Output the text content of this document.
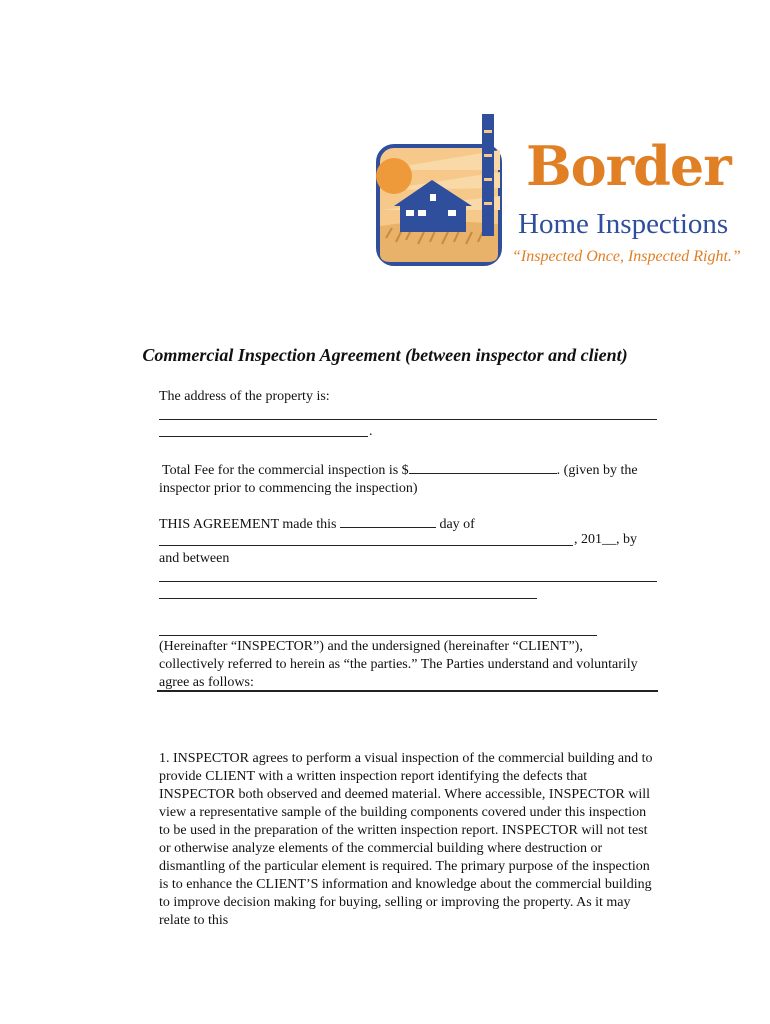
Border
Home Inspections
“Inspected Once, Inspected Right.”
Commercial Inspection Agreement (between inspector and client)

The address of the property is:

.

Total Fee for the commercial inspection is $	. (given by the inspector prior to commencing the inspection)

THIS AGREEMENT made this	day of

, 201__, by

and between

(Hereinafter “INSPECTOR”) and the undersigned (hereinafter “CLIENT”), collectively referred to herein as “the parties.” The Parties understand and voluntarily agree as follows:

1. INSPECTOR agrees to perform a visual inspection of the commercial building and to provide CLIENT with a written inspection report identifying the defects that INSPECTOR both observed and deemed material. Where accessible, INSPECTOR will view a representative sample of the building components covered under this inspection to be used in the preparation of the written inspection report. INSPECTOR will not test or otherwise analyze elements of the commercial building where destruction or dismantling of the particular element is required. The primary purpose of the inspection is to enhance the CLIENT’S information and knowledge about the commercial building to improve decision making for buying, selling or improving the property. As it may relate to this
